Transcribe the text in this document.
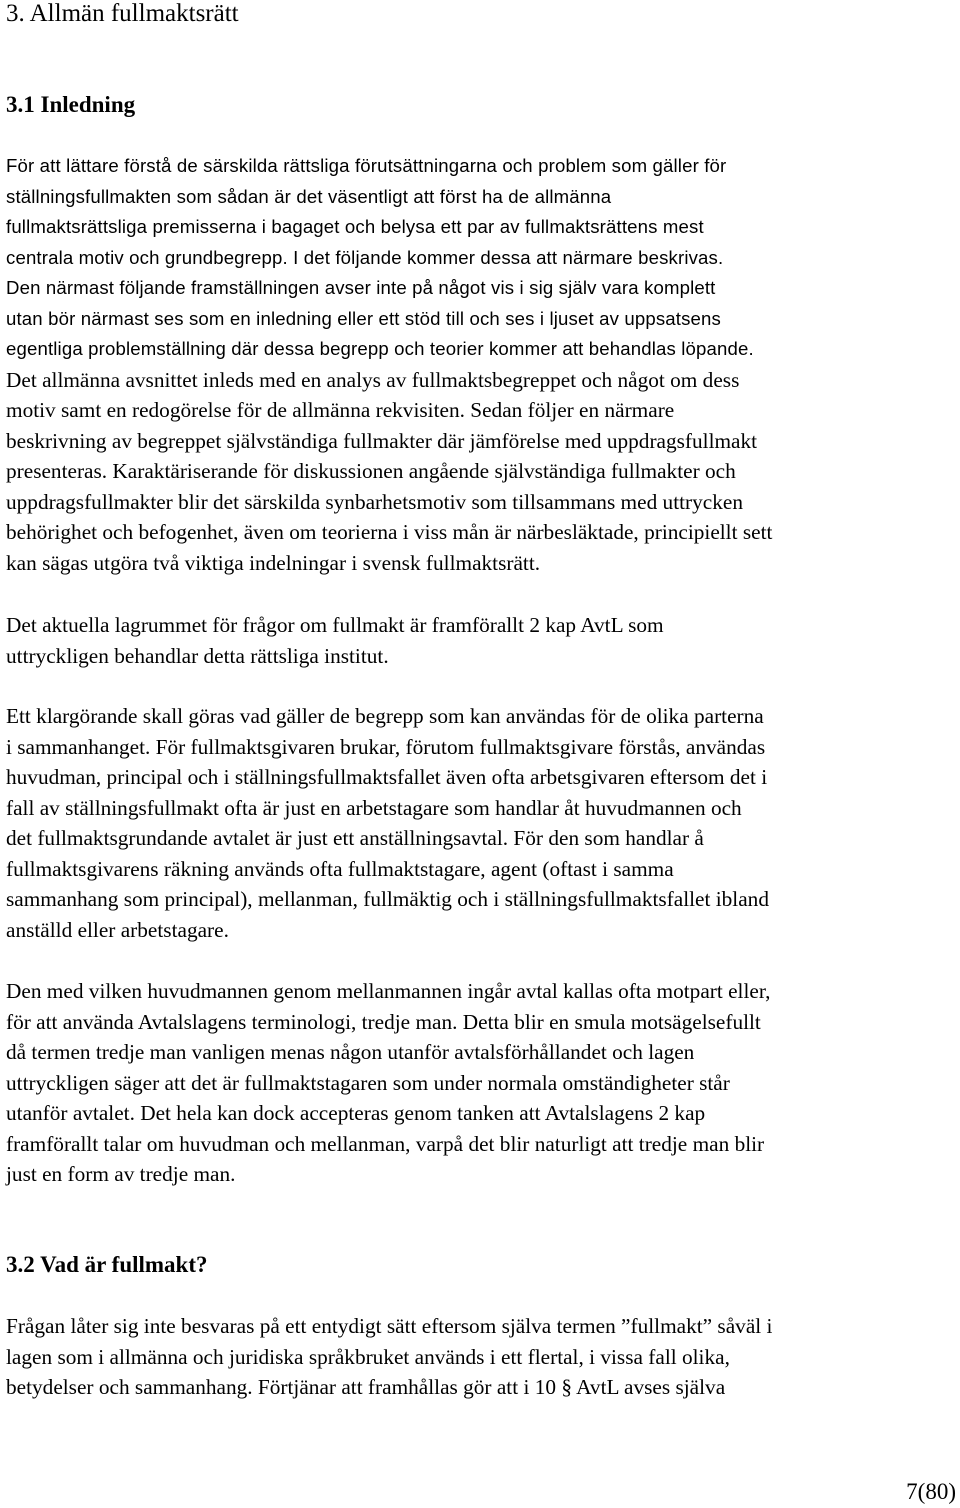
3. Allmän fullmaktsrätt
3.1 Inledning
För att lättare förstå de särskilda rättsliga förutsättningarna och problem som gäller för
ställningsfullmakten som sådan är det väsentligt att först ha de allmänna
fullmaktsrättsliga premisserna i bagaget och belysa ett par av fullmaktsrättens mest
centrala motiv och grundbegrepp. I det följande kommer dessa att närmare beskrivas.
Den närmast följande framställningen avser inte på något vis i sig själv vara komplett
utan bör närmast ses som en inledning eller ett stöd till och ses i ljuset av uppsatsens
egentliga problemställning där dessa begrepp och teorier kommer att behandlas löpande.
Det allmänna avsnittet inleds med en analys av fullmaktsbegreppet och något om dess
motiv samt en redogörelse för de allmänna rekvisiten. Sedan följer en närmare
beskrivning av begreppet självständiga fullmakter där jämförelse med uppdragsfullmakt
presenteras. Karaktäriserande för diskussionen angående självständiga fullmakter och
uppdragsfullmakter blir det särskilda synbarhetsmotiv som tillsammans med uttrycken
behörighet och befogenhet, även om teorierna i viss mån är närbesläktade, principiellt sett
kan sägas utgöra två viktiga indelningar i svensk fullmaktsrätt.
Det aktuella lagrummet för frågor om fullmakt är framförallt 2 kap AvtL som
uttryckligen behandlar detta rättsliga institut.
Ett klargörande skall göras vad gäller de begrepp som kan användas för de olika parterna
i sammanhanget. För fullmaktsgivaren brukar, förutom fullmaktsgivare förstås, användas
huvudman, principal och i ställningsfullmaktsfallet även ofta arbetsgivaren eftersom det i
fall av ställningsfullmakt ofta är just en arbetstagare som handlar åt huvudmannen och
det fullmaktsgrundande avtalet är just ett anställningsavtal. För den som handlar å
fullmaktsgivarens räkning används ofta fullmaktstagare, agent (oftast i samma
sammanhang som principal), mellanman, fullmäktig och i ställningsfullmaktsfallet ibland
anställd eller arbetstagare.
Den med vilken huvudmannen genom mellanmannen ingår avtal kallas ofta motpart eller,
för att använda Avtalslagens terminologi, tredje man. Detta blir en smula motsägelsefullt
då termen tredje man vanligen menas någon utanför avtalsförhållandet och lagen
uttryckligen säger att det är fullmaktstagaren som under normala omständigheter står
utanför avtalet. Det hela kan dock accepteras genom tanken att Avtalslagens 2 kap
framförallt talar om huvudman och mellanman, varpå det blir naturligt att tredje man blir
just en form av tredje man.
3.2 Vad är fullmakt?
Frågan låter sig inte besvaras på ett entydigt sätt eftersom själva termen ”fullmakt” såväl i
lagen som i allmänna och juridiska språkbruket används i ett flertal, i vissa fall olika,
betydelser och sammanhang. Förtjänar att framhållas gör att i 10 § AvtL avses själva
7(80)
